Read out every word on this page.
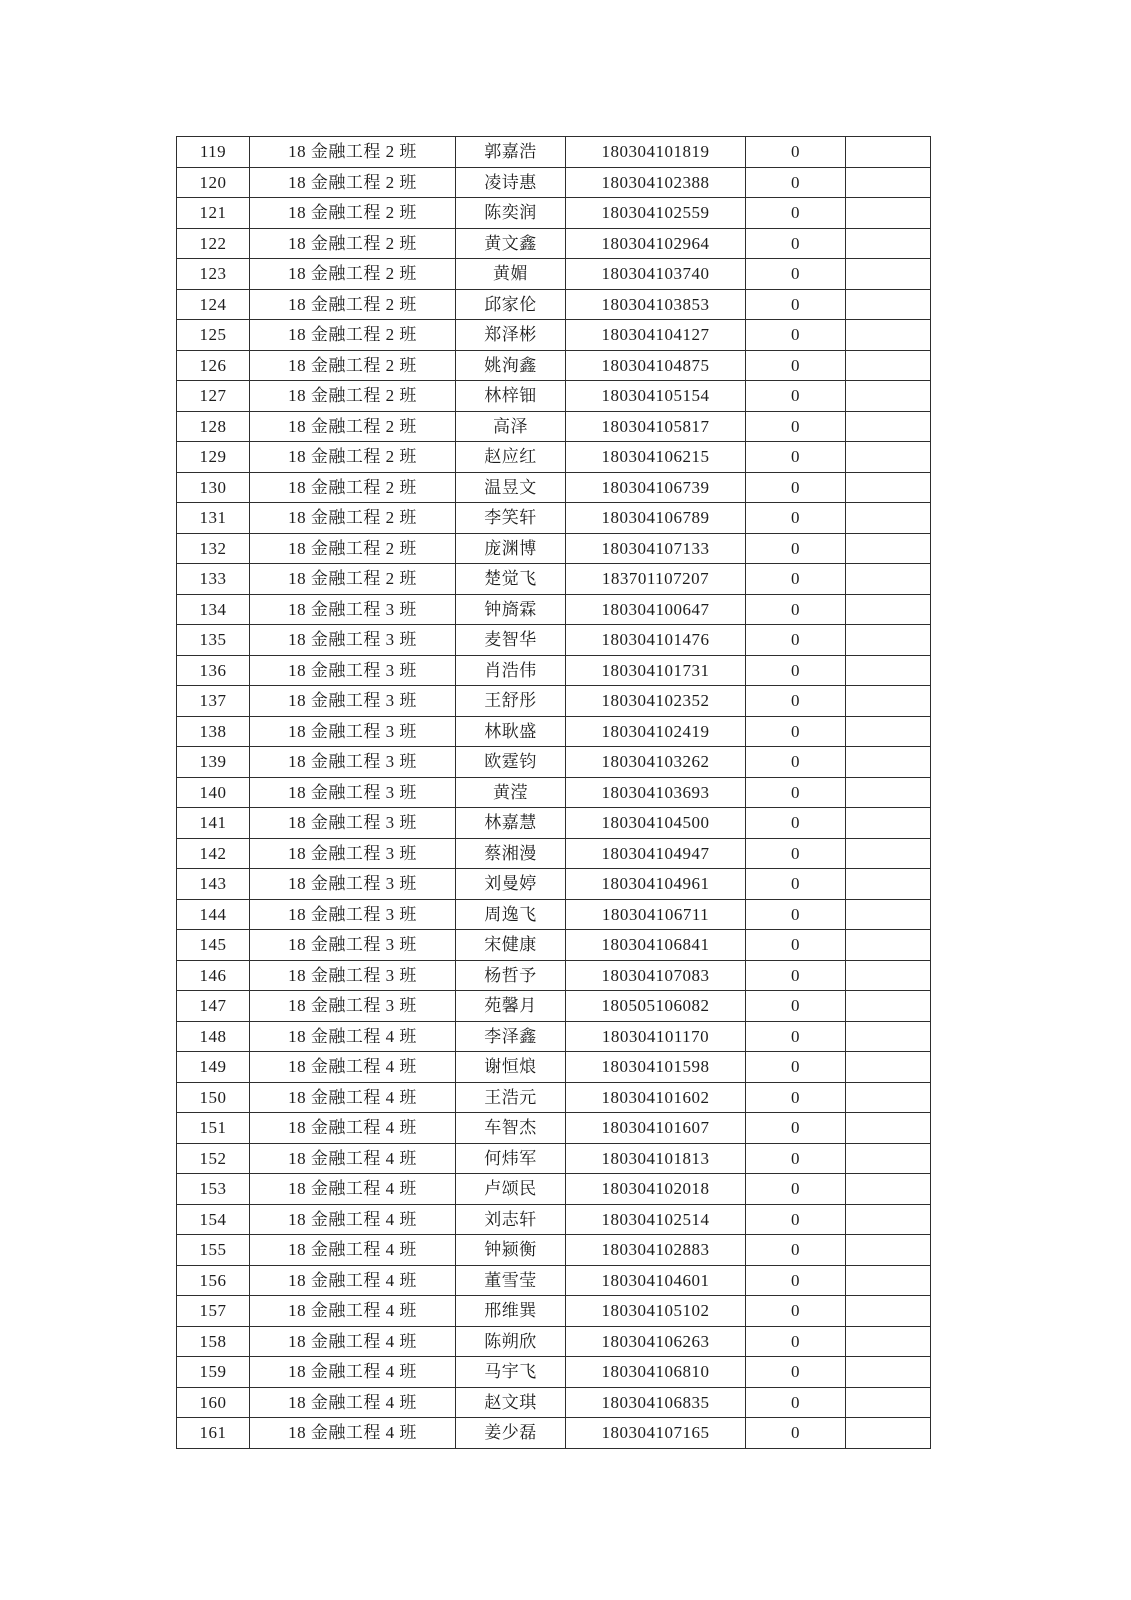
119	18 金融工程 2 班	郭嘉浩	180304101819	0	
120	18 金融工程 2 班	凌诗惠	180304102388	0	
121	18 金融工程 2 班	陈奕润	180304102559	0	
122	18 金融工程 2 班	黄文鑫	180304102964	0	
123	18 金融工程 2 班	黄媚	180304103740	0	
124	18 金融工程 2 班	邱家伦	180304103853	0	
125	18 金融工程 2 班	郑泽彬	180304104127	0	
126	18 金融工程 2 班	姚洵鑫	180304104875	0	
127	18 金融工程 2 班	林梓钿	180304105154	0	
128	18 金融工程 2 班	高泽	180304105817	0	
129	18 金融工程 2 班	赵应红	180304106215	0	
130	18 金融工程 2 班	温昱文	180304106739	0	
131	18 金融工程 2 班	李笑轩	180304106789	0	
132	18 金融工程 2 班	庞渊博	180304107133	0	
133	18 金融工程 2 班	楚觉飞	183701107207	0	
134	18 金融工程 3 班	钟旖霖	180304100647	0	
135	18 金融工程 3 班	麦智华	180304101476	0	
136	18 金融工程 3 班	肖浩伟	180304101731	0	
137	18 金融工程 3 班	王舒彤	180304102352	0	
138	18 金融工程 3 班	林耿盛	180304102419	0	
139	18 金融工程 3 班	欧霆钧	180304103262	0	
140	18 金融工程 3 班	黄滢	180304103693	0	
141	18 金融工程 3 班	林嘉慧	180304104500	0	
142	18 金融工程 3 班	蔡湘漫	180304104947	0	
143	18 金融工程 3 班	刘曼婷	180304104961	0	
144	18 金融工程 3 班	周逸飞	180304106711	0	
145	18 金融工程 3 班	宋健康	180304106841	0	
146	18 金融工程 3 班	杨哲予	180304107083	0	
147	18 金融工程 3 班	苑馨月	180505106082	0	
148	18 金融工程 4 班	李泽鑫	180304101170	0	
149	18 金融工程 4 班	谢恒烺	180304101598	0	
150	18 金融工程 4 班	王浩元	180304101602	0	
151	18 金融工程 4 班	车智杰	180304101607	0	
152	18 金融工程 4 班	何炜军	180304101813	0	
153	18 金融工程 4 班	卢颂民	180304102018	0	
154	18 金融工程 4 班	刘志轩	180304102514	0	
155	18 金融工程 4 班	钟颍衡	180304102883	0	
156	18 金融工程 4 班	董雪莹	180304104601	0	
157	18 金融工程 4 班	邢维巽	180304105102	0	
158	18 金融工程 4 班	陈朔欣	180304106263	0	
159	18 金融工程 4 班	马宇飞	180304106810	0	
160	18 金融工程 4 班	赵文琪	180304106835	0	
161	18 金融工程 4 班	姜少磊	180304107165	0	
